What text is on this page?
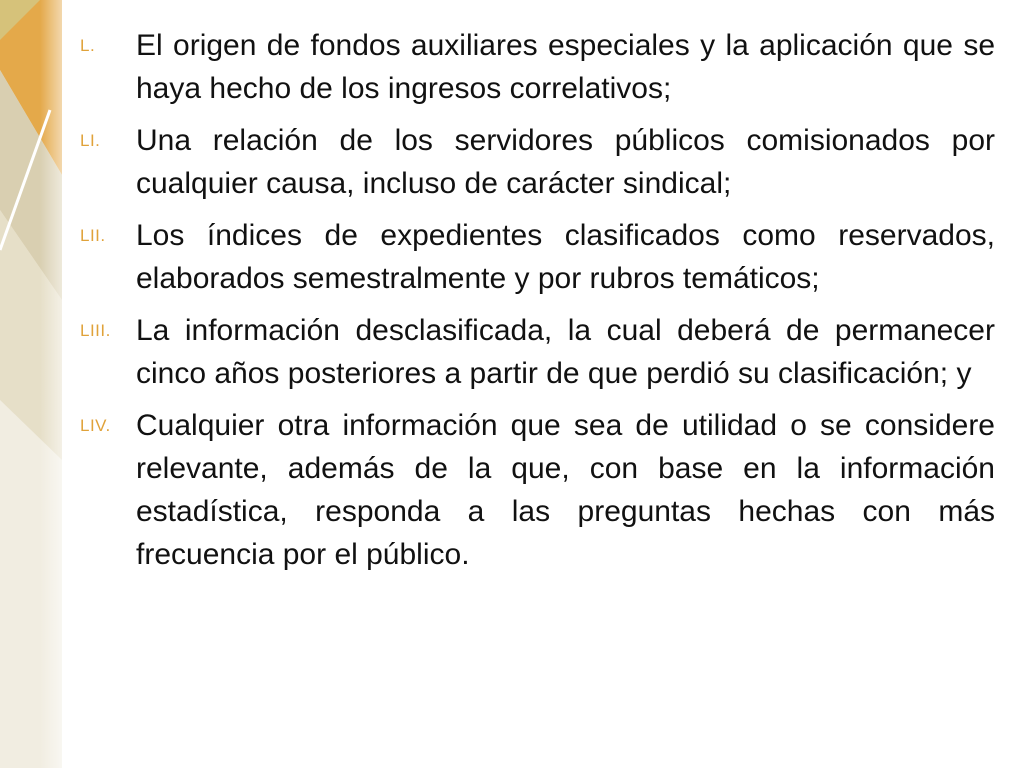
L.	El origen de fondos auxiliares especiales y la aplicación que se haya hecho de los ingresos correlativos;
LI.	Una relación de los servidores públicos comisionados por cualquier causa, incluso de carácter sindical;
LII.	Los índices de expedientes clasificados como reservados, elaborados semestralmente y por rubros temáticos;
LIII. La información desclasificada, la cual deberá de permanecer cinco años posteriores a partir de que perdió su clasificación; y
LIV. Cualquier otra información que sea de utilidad o se considere relevante, además de la que, con base en la información estadística, responda a las preguntas hechas con más frecuencia por el público.
